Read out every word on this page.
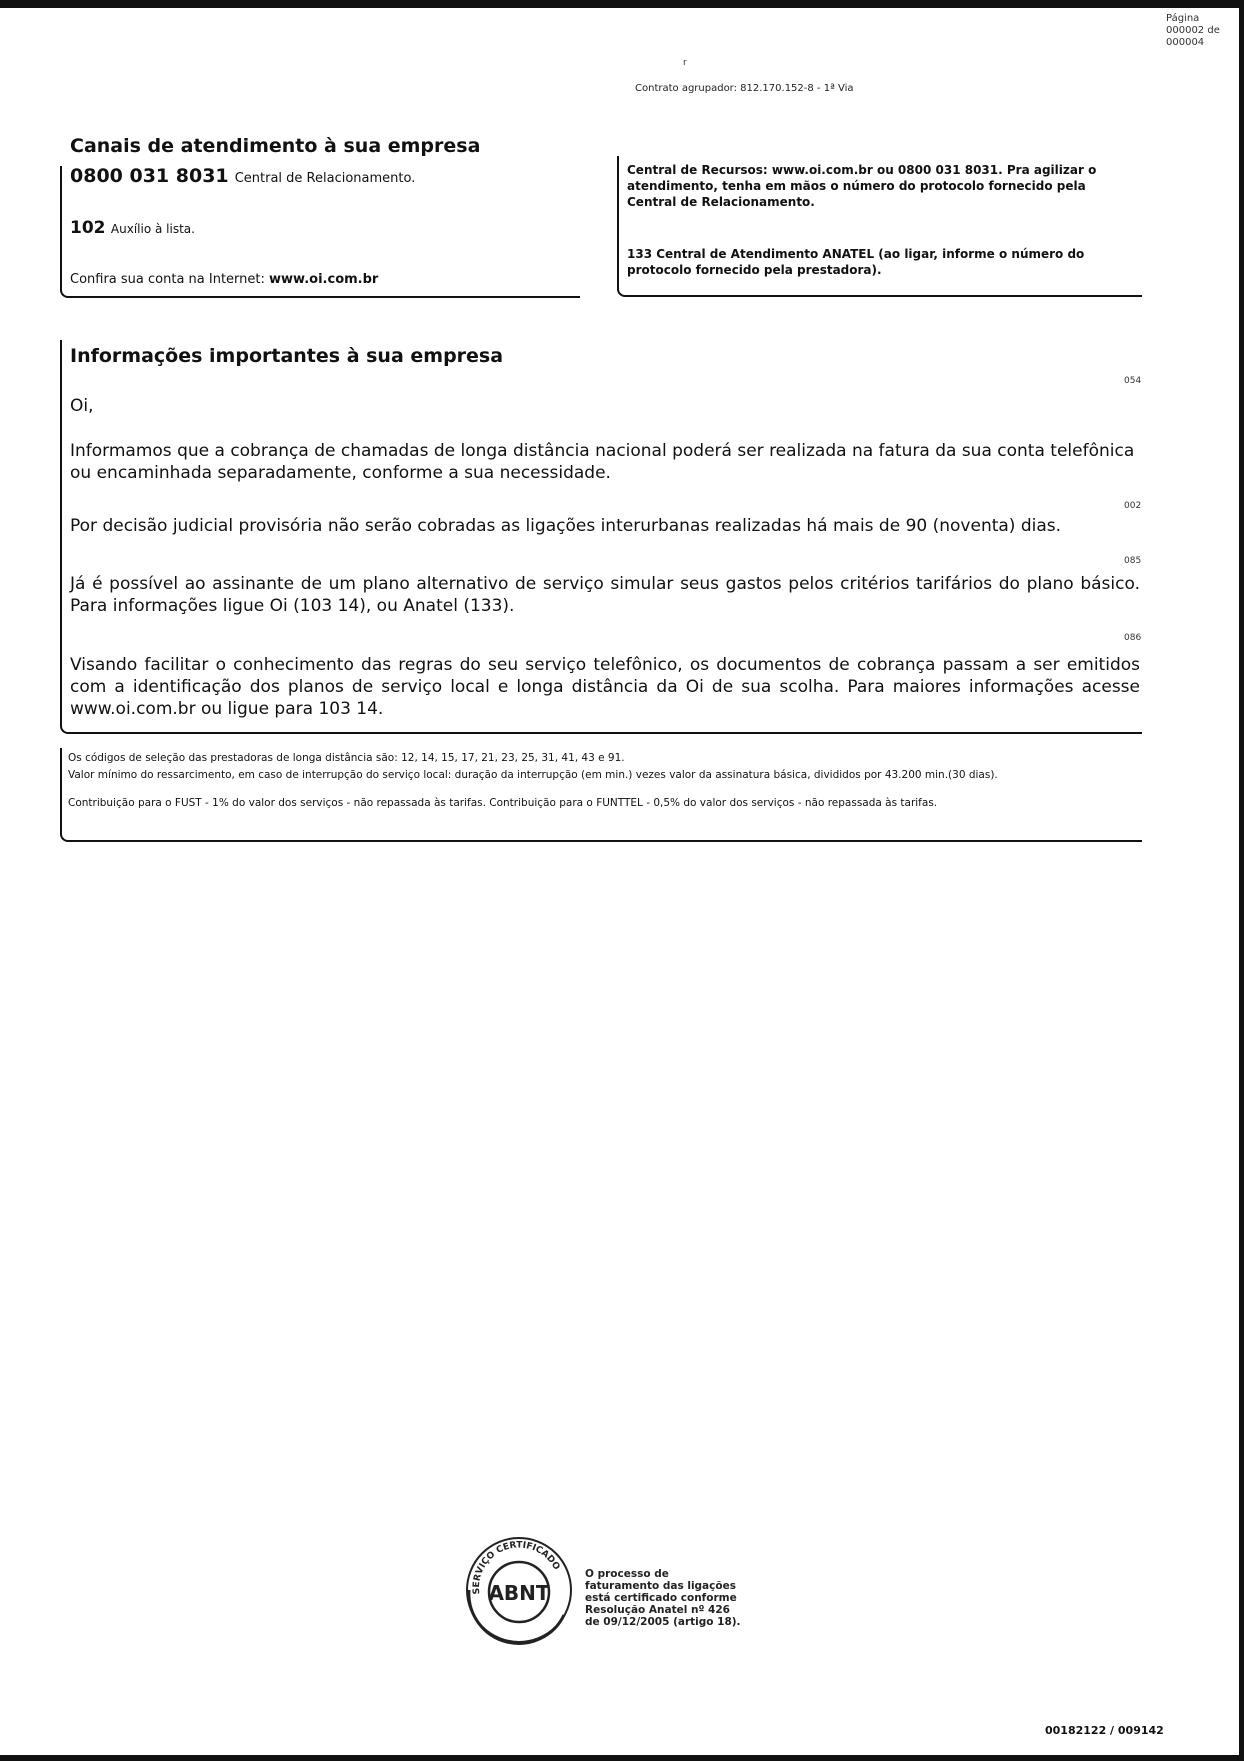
Página
000002 de
000004
r
Contrato agrupador: 812.170.152-8 - 1ª Via
Canais de atendimento à sua empresa
0800 031 8031 Central de Relacionamento.
102 Auxílio à lista.
Confira sua conta na Internet: www.oi.com.br
Central de Recursos: www.oi.com.br ou 0800 031 8031. Pra agilizar o atendimento, tenha em mãos o número do protocolo fornecido pela Central de Relacionamento.
133 Central de Atendimento ANATEL (ao ligar, informe o número do protocolo fornecido pela prestadora).
Informações importantes à sua empresa
054
Oi,
Informamos que a cobrança de chamadas de longa distância nacional poderá ser realizada na fatura da sua conta telefônica ou encaminhada separadamente, conforme a sua necessidade.
002
Por decisão judicial provisória não serão cobradas as ligações interurbanas realizadas há mais de 90 (noventa) dias.
085
Já é possível ao assinante de um plano alternativo de serviço simular seus gastos pelos critérios tarifários do plano básico. Para informações ligue Oi (103 14), ou Anatel (133).
086
Visando facilitar o conhecimento das regras do seu serviço telefônico, os documentos de cobrança passam a ser emitidos com a identificação dos planos de serviço local e longa distância da Oi de sua scolha. Para maiores informações acesse www.oi.com.br ou ligue para 103 14.
Os códigos de seleção das prestadoras de longa distância são: 12, 14, 15, 17, 21, 23, 25, 31, 41, 43 e 91.
Valor mínimo do ressarcimento, em caso de interrupção do serviço local: duração da interrupção (em min.) vezes valor da assinatura básica, divididos por 43.200 min.(30 dias).
Contribuição para o FUST - 1% do valor dos serviços - não repassada às tarifas. Contribuição para o FUNTTEL - 0,5% do valor dos serviços - não repassada às tarifas.
SERVIÇO CERTIFICADO
ABNT
O processo de faturamento das ligações está certificado conforme Resolução Anatel nº 426 de 09/12/2005 (artigo 18).
00182122 / 009142
